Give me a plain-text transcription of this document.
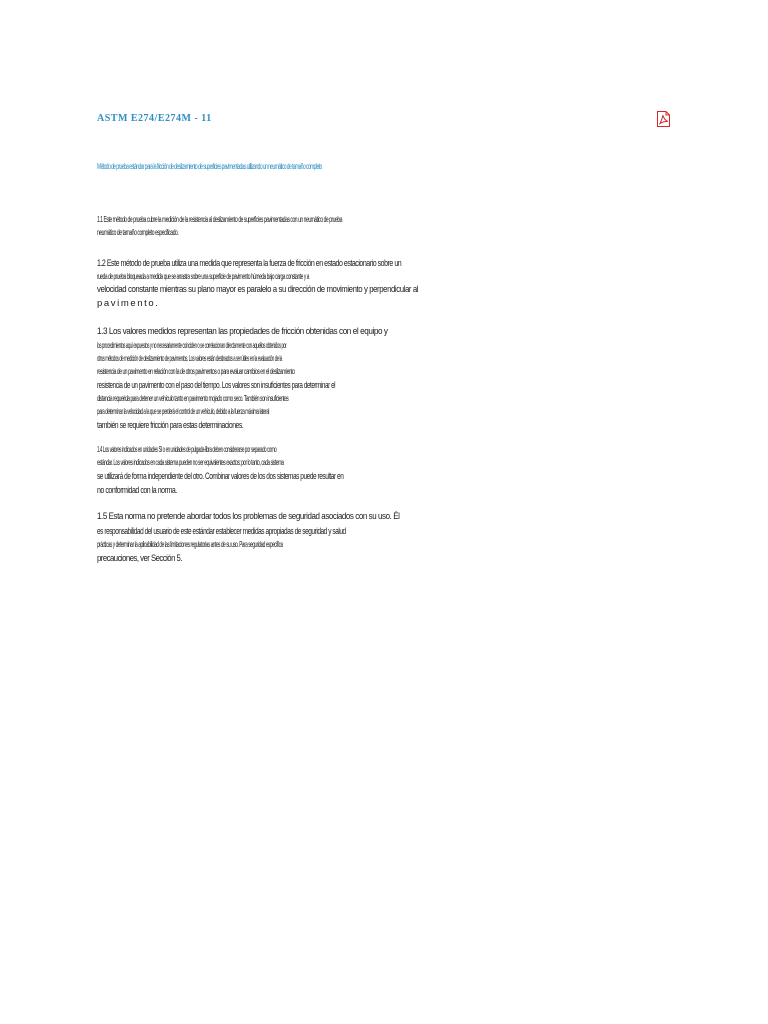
ASTM E274/E274M - 11
Método de prueba estándar para la fricción de deslizamiento de superficies pavimentadas utilizando un neumático de tamaño completo
1.1 Este método de prueba cubre la medición de la resistencia al deslizamiento de superficies pavimentadas con un neumático de prueba
neumático de tamaño completo especificado.
1.2 Este método de prueba utiliza una medida que representa la fuerza de fricción en estado estacionario sobre un
rueda de prueba bloqueada a medida que se arrastra sobre una superficie de pavimento húmeda bajo carga constante y a
velocidad constante mientras su plano mayor es paralelo a su dirección de movimiento y perpendicular al
pavimento.
1.3 Los valores medidos representan las propiedades de fricción obtenidas con el equipo y
los procedimientos aquí expuestos y no necesariamente coinciden o se correlacionan directamente con aquellos obtenidos por
otros métodos de medición de deslizamiento de pavimentos. Los valores están destinados a ser útiles en la evaluación de la
resistencia de un pavimento en relación con la de otros pavimentos o para evaluar cambios en el deslizamiento
resistencia de un pavimento con el paso del tiempo. Los valores son insuficientes para determinar el
distancia requerida para detener un vehículo tanto en pavimento mojado como seco. También son insuficientes
para determinar la velocidad a la que se perderá el control de un vehículo, debido a la fuerza máxima lateral
también se requiere fricción para estas determinaciones.
1.4 Los valores indicados en unidades SI o en unidades de pulgada-libra deben considerarse por separado como
estándar. Los valores indicados en cada sistema pueden no ser equivalentes exactos; por lo tanto, cada sistema
se utilizará de forma independiente del otro. Combinar valores de los dos sistemas puede resultar en
no conformidad con la norma.
1.5 Esta norma no pretende abordar todos los problemas de seguridad asociados con su uso. Él
es responsabilidad del usuario de este estándar establecer medidas apropiadas de seguridad y salud
prácticas y determinar la aplicabilidad de las limitaciones regulatorias antes de su uso. Para seguridad específica
precauciones, ver Sección 5.
